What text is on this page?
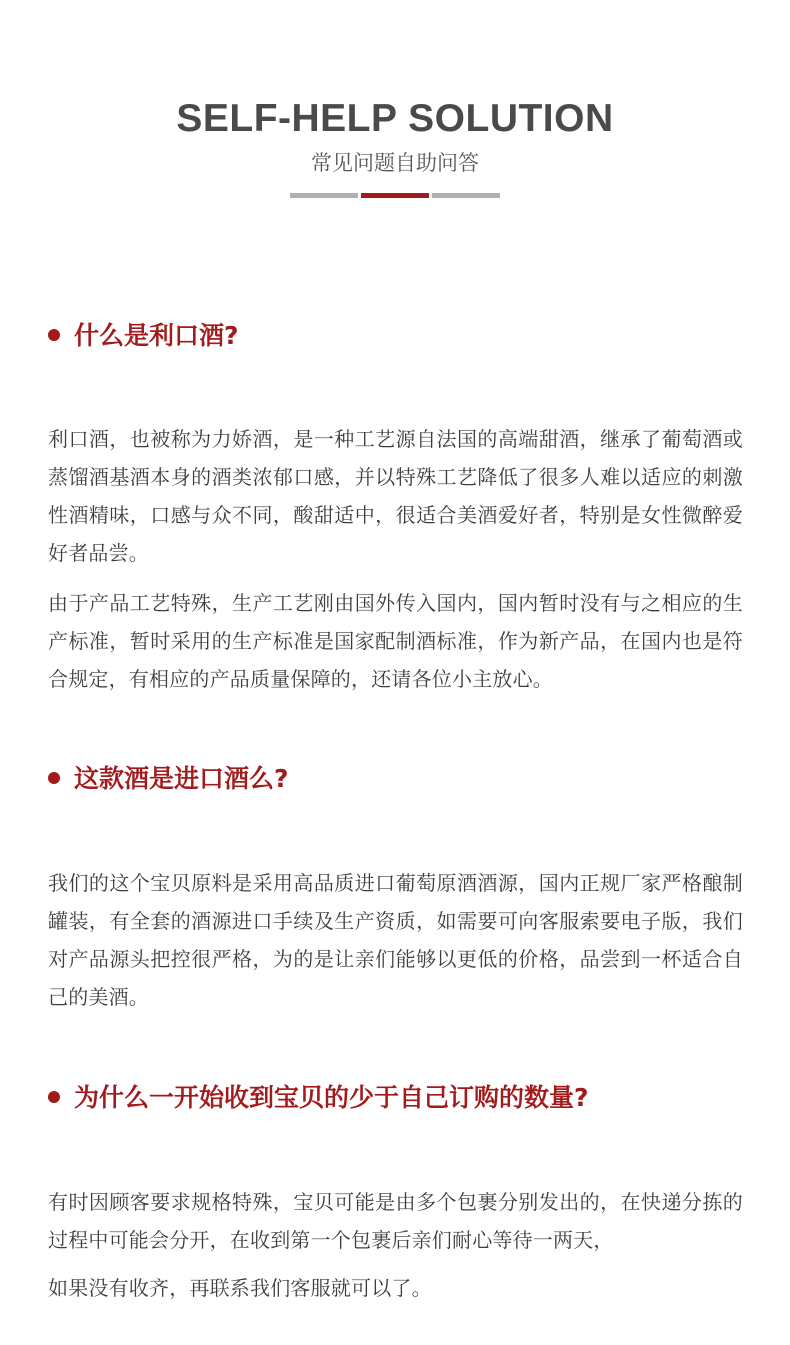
SELF-HELP SOLUTION
常见问题自助问答
什么是利口酒?

利口酒，也被称为力娇酒，是一种工艺源自法国的高端甜酒，继承了葡萄酒或蒸馏酒基酒本身的酒类浓郁口感，并以特殊工艺降低了很多人难以适应的刺激性酒精味，口感与众不同，酸甜适中，很适合美酒爱好者，特别是女性微醉爱好者品尝。

由于产品工艺特殊，生产工艺刚由国外传入国内，国内暂时没有与之相应的生产标准，暂时采用的生产标准是国家配制酒标准，作为新产品，在国内也是符合规定，有相应的产品质量保障的，还请各位小主放心。

这款酒是进口酒么?

我们的这个宝贝原料是采用高品质进口葡萄原酒酒源，国内正规厂家严格酿制罐装，有全套的酒源进口手续及生产资质，如需要可向客服索要电子版，我们对产品源头把控很严格，为的是让亲们能够以更低的价格，品尝到一杯适合自己的美酒。

为什么一开始收到宝贝的少于自己订购的数量?

有时因顾客要求规格特殊，宝贝可能是由多个包裹分别发出的，在快递分拣的过程中可能会分开，在收到第一个包裹后亲们耐心等待一两天，

如果没有收齐，再联系我们客服就可以了。
